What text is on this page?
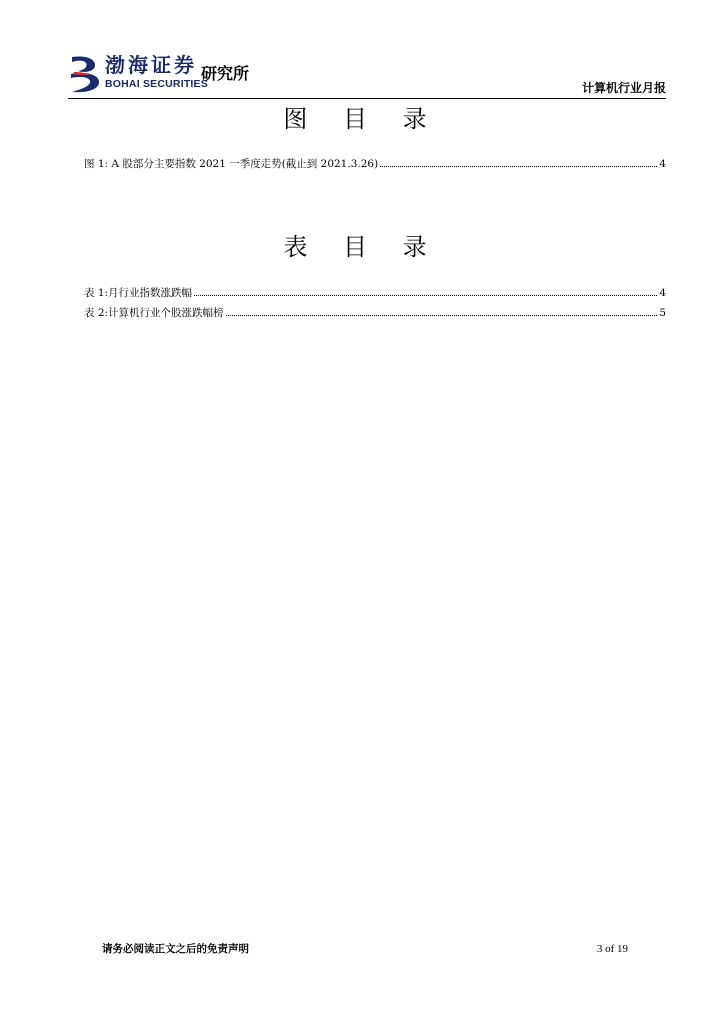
渤海证券
BOHAI SECURITIES
研究所
计算机行业月报
图 目 录
图 1: A 股部分主要指数 2021 一季度走势(截止到 2021.3.26)	4
表 目 录
表 1:月行业指数涨跌幅	4
表 2:计算机行业个股涨跌幅榜	5
请务必阅读正文之后的免责声明	3 of 19
